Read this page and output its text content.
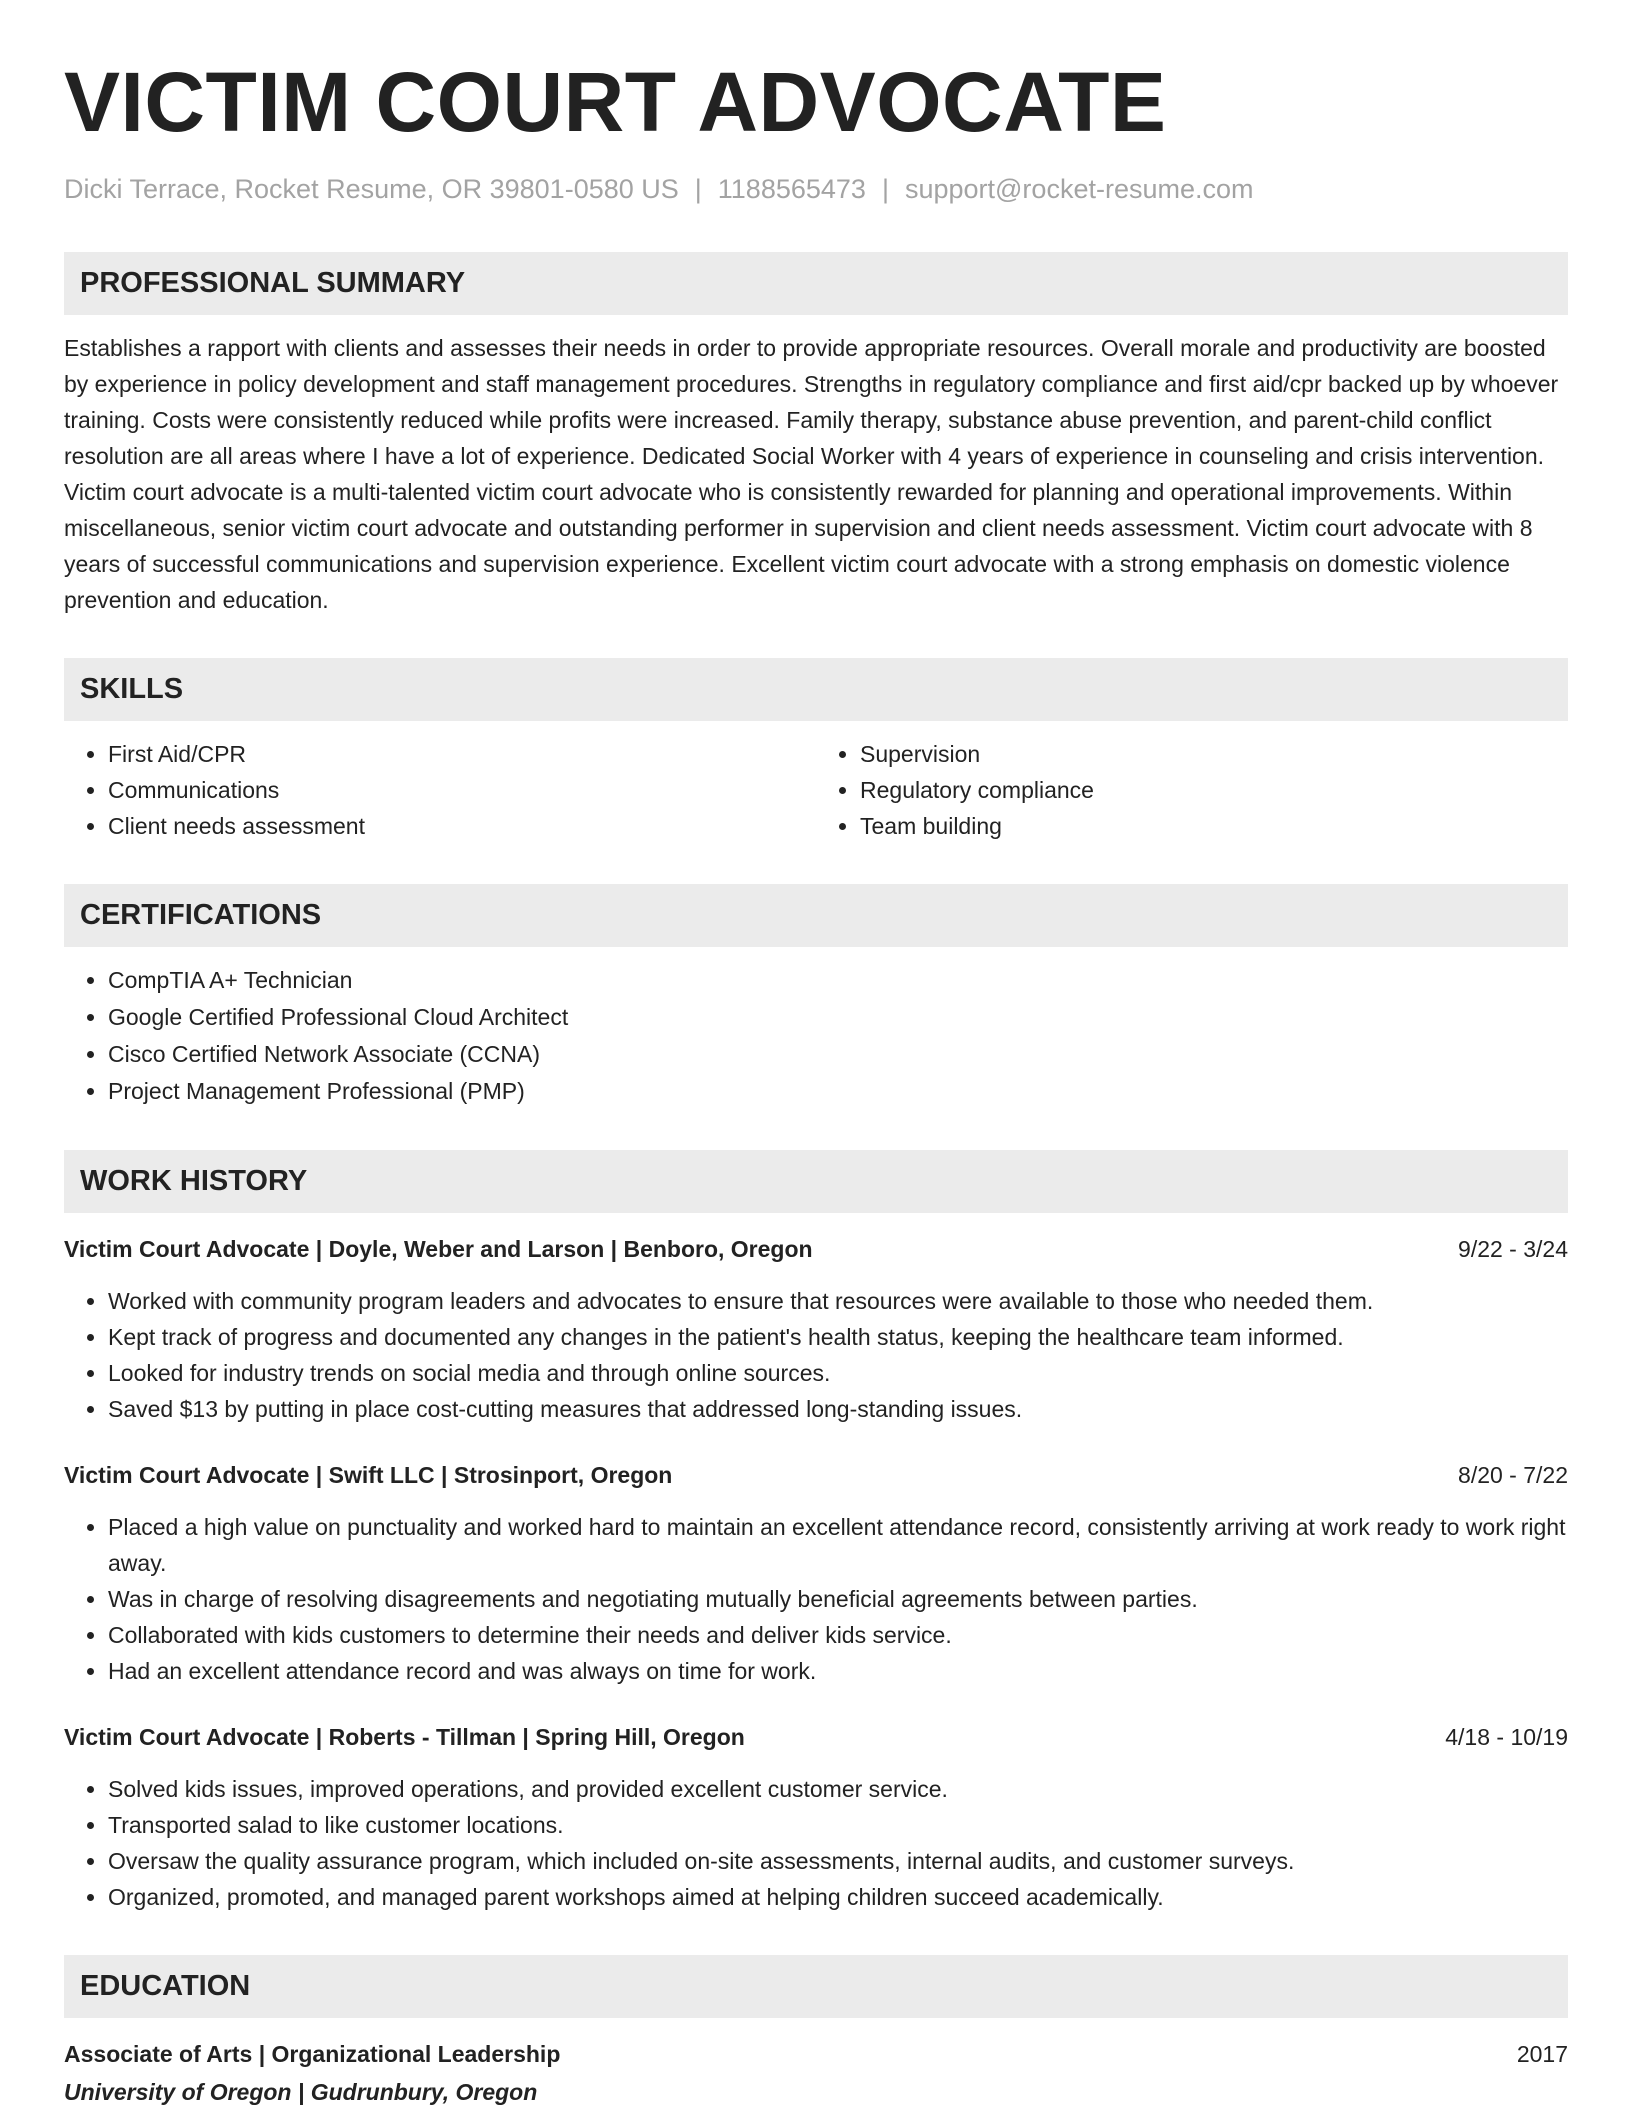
VICTIM COURT ADVOCATE
Dicki Terrace, Rocket Resume, OR 39801-0580 US | 1188565473 | support@rocket-resume.com
PROFESSIONAL SUMMARY
Establishes a rapport with clients and assesses their needs in order to provide appropriate resources. Overall morale and productivity are boosted by experience in policy development and staff management procedures. Strengths in regulatory compliance and first aid/cpr backed up by whoever training. Costs were consistently reduced while profits were increased. Family therapy, substance abuse prevention, and parent-child conflict resolution are all areas where I have a lot of experience. Dedicated Social Worker with 4 years of experience in counseling and crisis intervention. Victim court advocate is a multi-talented victim court advocate who is consistently rewarded for planning and operational improvements. Within miscellaneous, senior victim court advocate and outstanding performer in supervision and client needs assessment. Victim court advocate with 8 years of successful communications and supervision experience. Excellent victim court advocate with a strong emphasis on domestic violence prevention and education.
SKILLS
• First Aid/CPR
• Communications
• Client needs assessment
• Supervision
• Regulatory compliance
• Team building
CERTIFICATIONS
• CompTIA A+ Technician
• Google Certified Professional Cloud Architect
• Cisco Certified Network Associate (CCNA)
• Project Management Professional (PMP)
WORK HISTORY
Victim Court Advocate | Doyle, Weber and Larson | Benboro, Oregon	9/22 - 3/24
• Worked with community program leaders and advocates to ensure that resources were available to those who needed them.
• Kept track of progress and documented any changes in the patient's health status, keeping the healthcare team informed.
• Looked for industry trends on social media and through online sources.
• Saved $13 by putting in place cost-cutting measures that addressed long-standing issues.
Victim Court Advocate | Swift LLC | Strosinport, Oregon	8/20 - 7/22
• Placed a high value on punctuality and worked hard to maintain an excellent attendance record, consistently arriving at work ready to work right away.
• Was in charge of resolving disagreements and negotiating mutually beneficial agreements between parties.
• Collaborated with kids customers to determine their needs and deliver kids service.
• Had an excellent attendance record and was always on time for work.
Victim Court Advocate | Roberts - Tillman | Spring Hill, Oregon	4/18 - 10/19
• Solved kids issues, improved operations, and provided excellent customer service.
• Transported salad to like customer locations.
• Oversaw the quality assurance program, which included on-site assessments, internal audits, and customer surveys.
• Organized, promoted, and managed parent workshops aimed at helping children succeed academically.
EDUCATION
Associate of Arts | Organizational Leadership	2017
University of Oregon | Gudrunbury, Oregon
